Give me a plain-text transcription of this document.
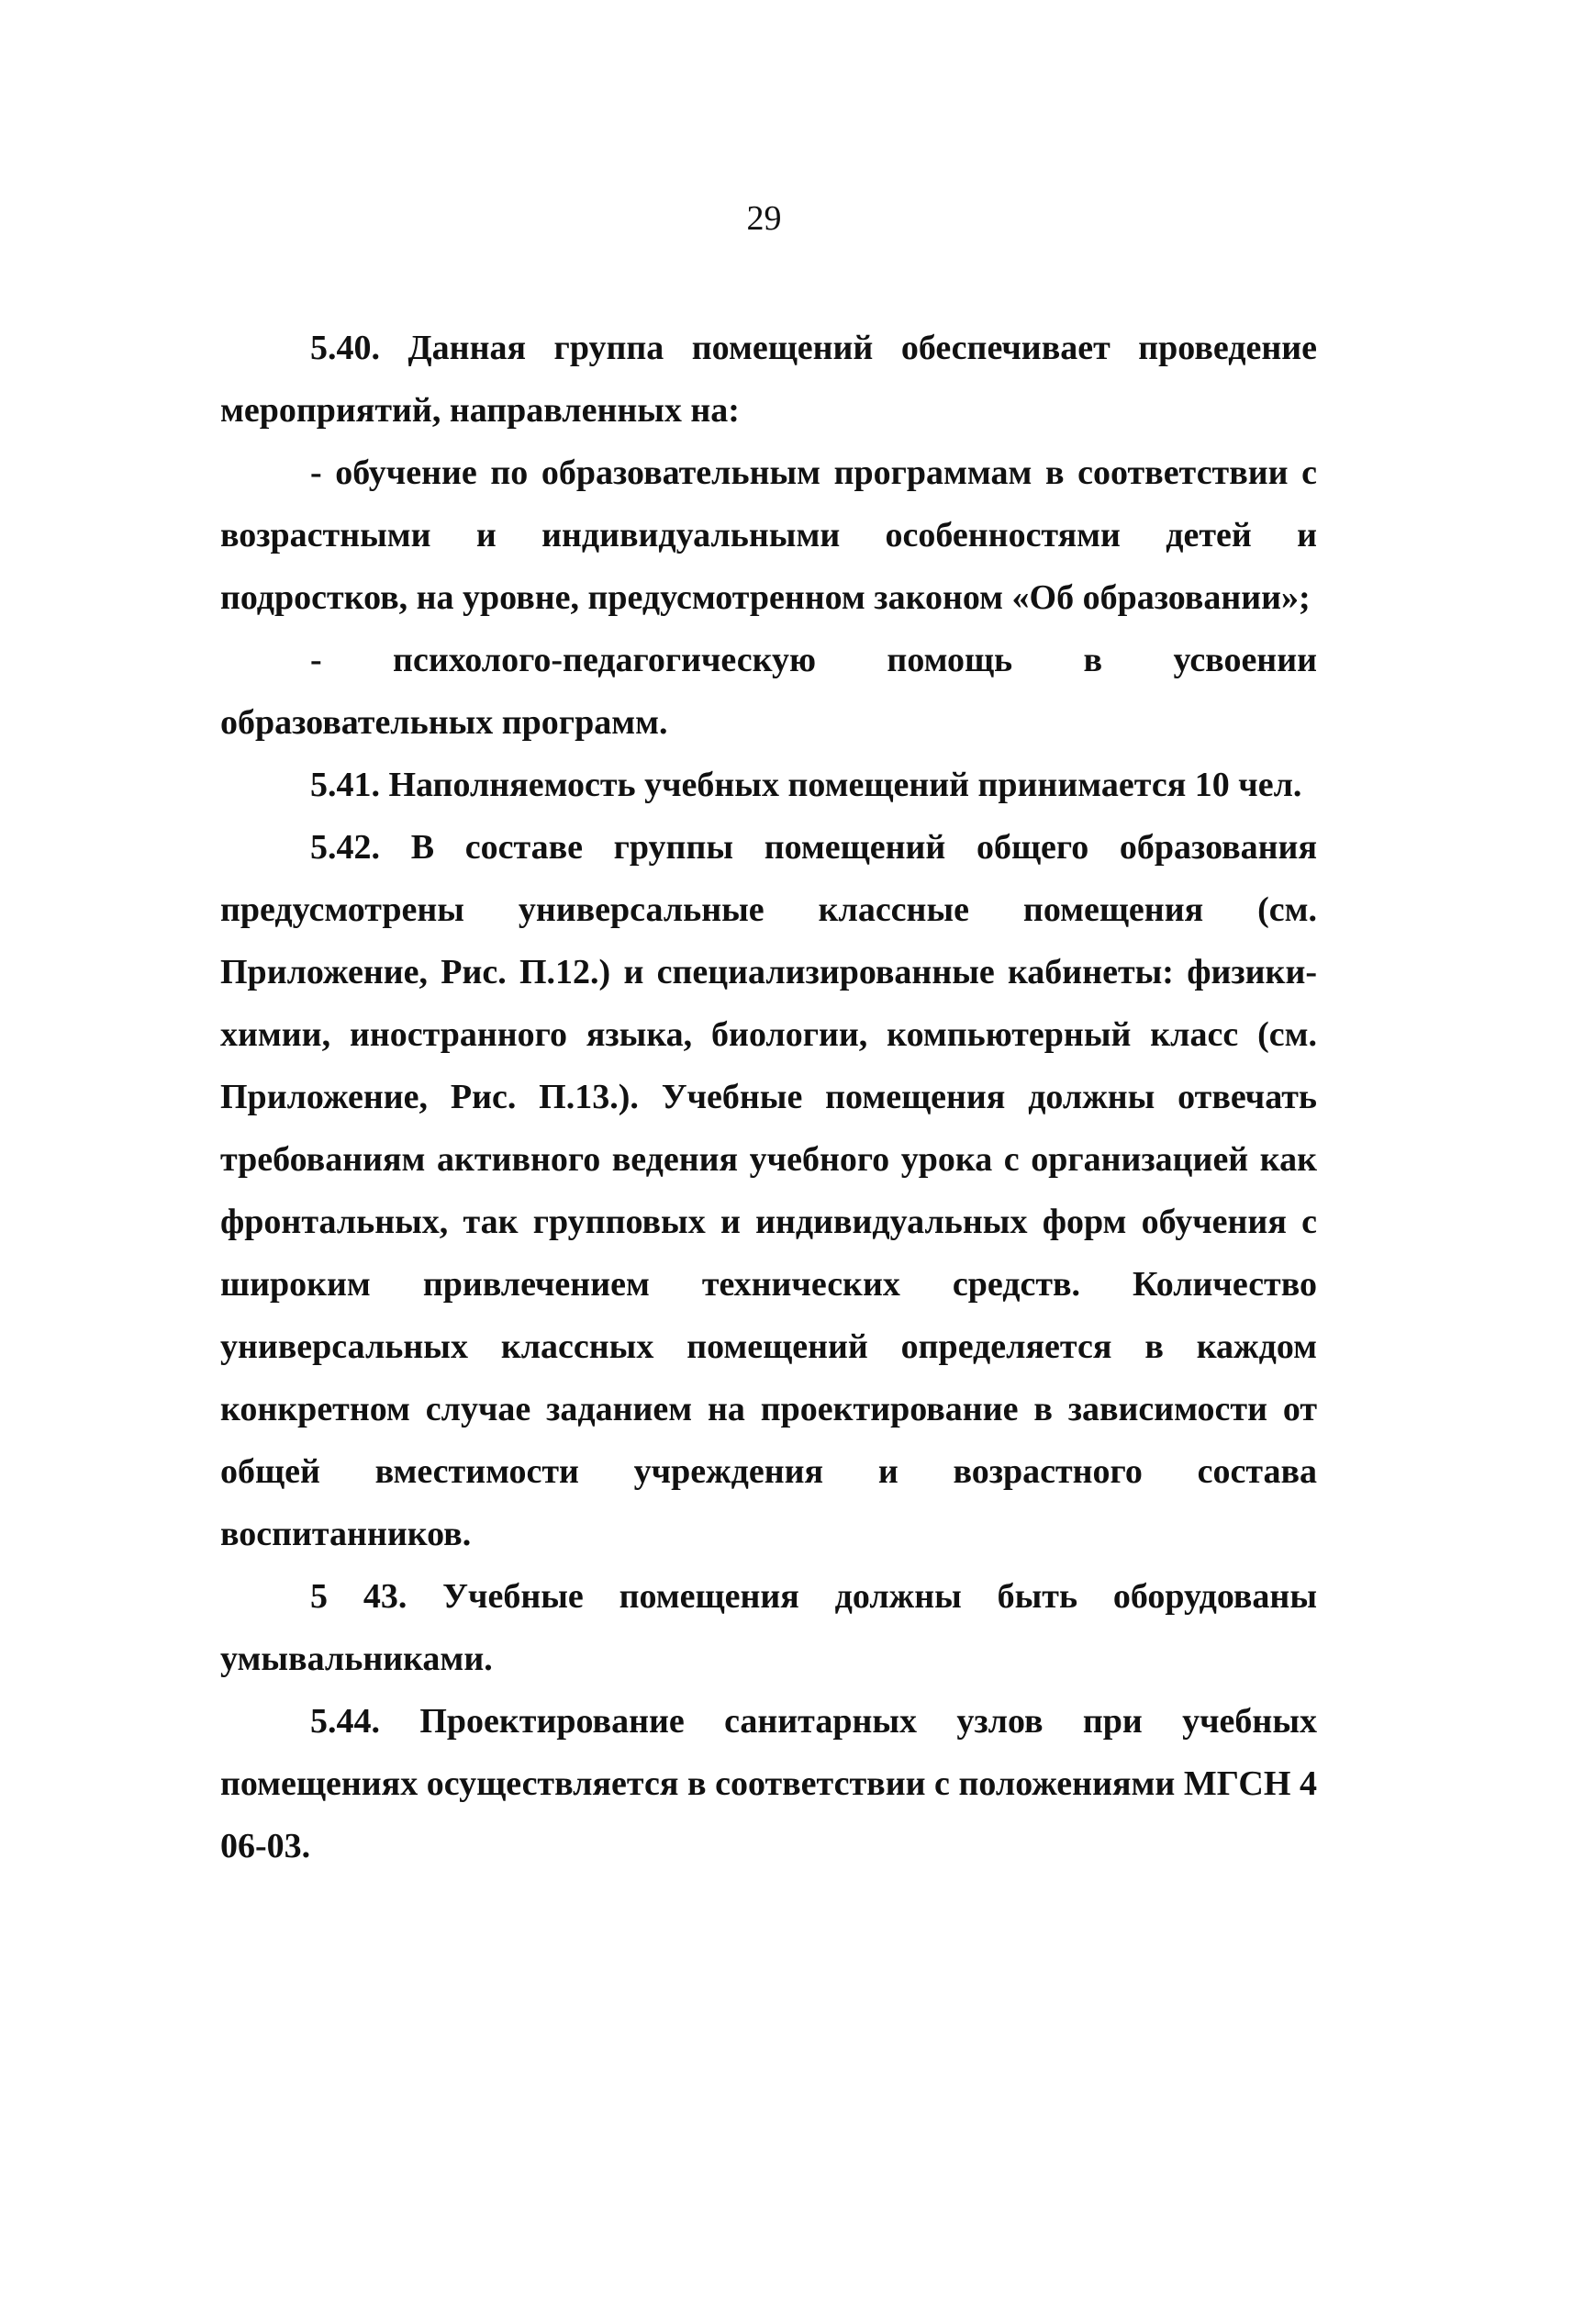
29

5.40. Данная группа помещений обеспечивает проведение мероприятий, направленных на:

- обучение по образовательным программам в соответствии с возрастными и индивидуальными особенностями детей и подростков, на уровне, предусмотренном законом «Об образовании»;

- психолого-педагогическую помощь в усвоении образовательных программ.

5.41. Наполняемость учебных помещений принимается 10 чел.

5.42. В составе группы помещений общего образования предусмотрены универсальные классные помещения (см. Приложение, Рис. П.12.) и специализированные кабинеты: физики-химии, иностранного языка, биологии, компьютерный класс (см. Приложение, Рис. П.13.). Учебные помещения должны отвечать требованиям активного ведения учебного урока с организацией как фронтальных, так групповых и индивидуальных форм обучения с широким привлечением технических средств. Количество универсальных классных помещений определяется в каждом конкретном случае заданием на проектирование в зависимости от общей вместимости учреждения и возрастного состава воспитанников.

5 43. Учебные помещения должны быть оборудованы умывальниками.

5.44. Проектирование санитарных узлов при учебных помещениях осуществляется в соответствии с положениями МГСН 4 06-03.
